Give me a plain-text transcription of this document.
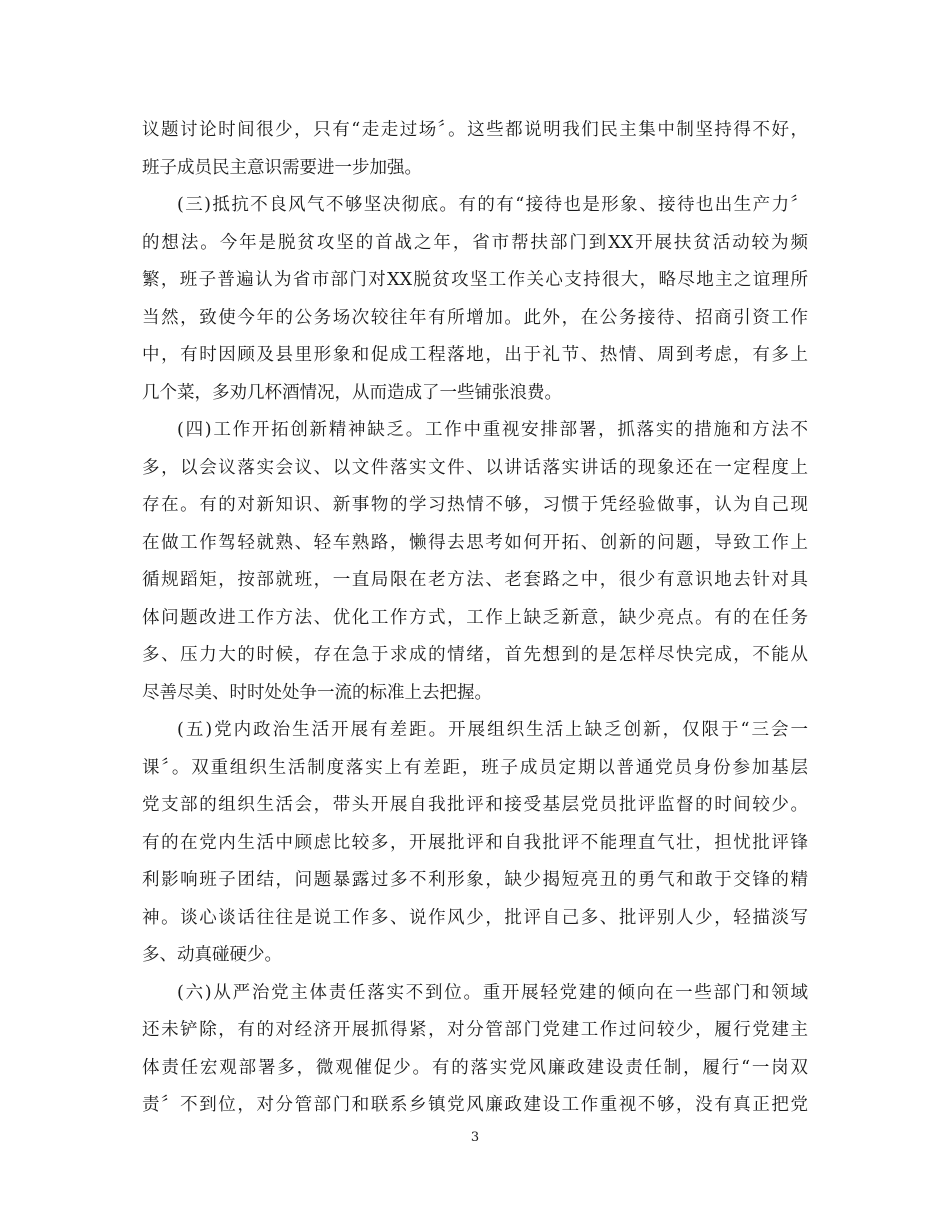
议题讨论时间很少，只有“走走过场〞。这些都说明我们民主集中制坚持得不好，
班子成员民主意识需要进一步加强。
(三)抵抗不良风气不够坚决彻底。有的有“接待也是形象、接待也出生产力〞
的想法。今年是脱贫攻坚的首战之年，省市帮扶部门到XX开展扶贫活动较为频
繁，班子普遍认为省市部门对XX脱贫攻坚工作关心支持很大，略尽地主之谊理所
当然，致使今年的公务场次较往年有所增加。此外，在公务接待、招商引资工作
中，有时因顾及县里形象和促成工程落地，出于礼节、热情、周到考虑，有多上
几个菜，多劝几杯酒情况，从而造成了一些铺张浪费。
(四)工作开拓创新精神缺乏。工作中重视安排部署，抓落实的措施和方法不
多，以会议落实会议、以文件落实文件、以讲话落实讲话的现象还在一定程度上
存在。有的对新知识、新事物的学习热情不够，习惯于凭经验做事，认为自己现
在做工作驾轻就熟、轻车熟路，懒得去思考如何开拓、创新的问题，导致工作上
循规蹈矩，按部就班，一直局限在老方法、老套路之中，很少有意识地去针对具
体问题改进工作方法、优化工作方式，工作上缺乏新意，缺少亮点。有的在任务
多、压力大的时候，存在急于求成的情绪，首先想到的是怎样尽快完成，不能从
尽善尽美、时时处处争一流的标准上去把握。
(五)党内政治生活开展有差距。开展组织生活上缺乏创新，仅限于“三会一
课〞。双重组织生活制度落实上有差距，班子成员定期以普通党员身份参加基层
党支部的组织生活会，带头开展自我批评和接受基层党员批评监督的时间较少。
有的在党内生活中顾虑比较多，开展批评和自我批评不能理直气壮，担忧批评锋
利影响班子团结，问题暴露过多不利形象，缺少揭短亮丑的勇气和敢于交锋的精
神。谈心谈话往往是说工作多、说作风少，批评自己多、批评别人少，轻描淡写
多、动真碰硬少。
(六)从严治党主体责任落实不到位。重开展轻党建的倾向在一些部门和领域
还未铲除，有的对经济开展抓得紧，对分管部门党建工作过问较少，履行党建主
体责任宏观部署多，微观催促少。有的落实党风廉政建设责任制，履行“一岗双
责〞不到位，对分管部门和联系乡镇党风廉政建设工作重视不够，没有真正把党
3
